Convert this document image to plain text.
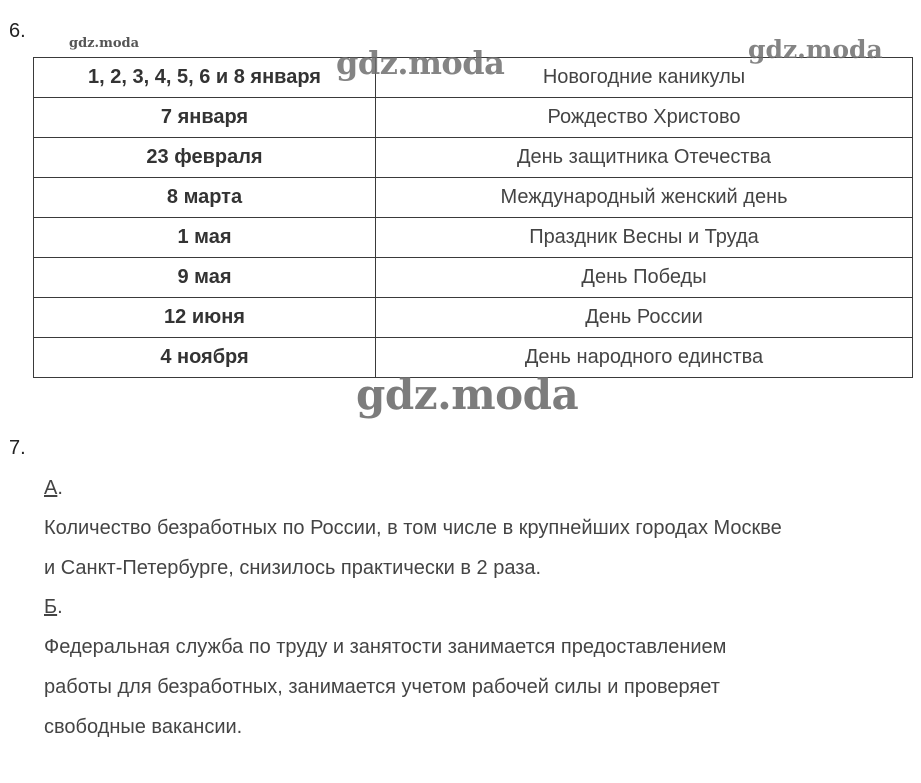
6.
1, 2, 3, 4, 5, 6 и 8 января	Новогодние каникулы
7 января	Рождество Христово
23 февраля	День защитника Отечества
8 марта	Международный женский день
1 мая	Праздник Весны и Труда
9 мая	День Победы
12 июня	День России
4 ноября	День народного единства
gdz.moda
gdz.moda	gdz.moda
gdz.moda
7.

А.

Количество безработных по России, в том числе в крупнейших городах Москве

и Санкт-Петербурге, снизилось практически в 2 раза.

Б.

Федеральная служба по труду и занятости занимается предоставлением

работы для безработных, занимается учетом рабочей силы и проверяет

свободные вакансии.
